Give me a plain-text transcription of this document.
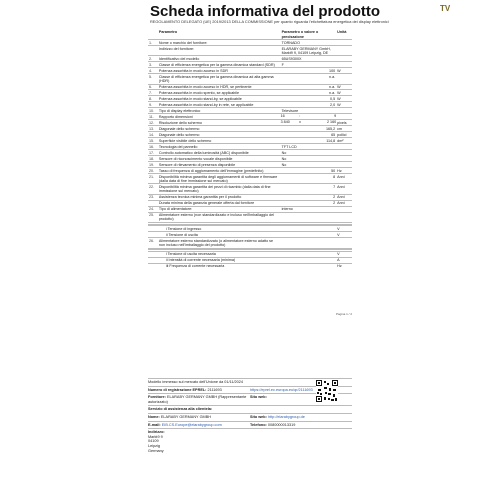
Scheda informativa del prodotto
REGOLAMENTO DELEGATO (UE) 2019/2013 DELLA COMMISSIONE per quanto riguarda l'etichettatura energetica dei display elettronici
TV
	Parametro	Parametro o valore o precisazione	Unità
1.	Nome o marchio del fornitore:	TORNADO	
	Indirizzo del fornitore:	ELARABY GERMANY GmbH, Markt9 9, 04109 Leipzig, DE	
2.	Identificativo del modello	65US9300X	
3.	Classe di efficienza energetica per la gamma dinamica standard (SDR)	F	
4.	Potenza assorbita in modo acceso in SDR	100	W
5.	Classe di efficienza energetica per la gamma dinamica ad alta gamma (HDR)	n.a.	
6.	Potenza assorbita in modo acceso in HDR, se pertinente	n.a.	W
7.	Potenza assorbita in modo spento, se applicabile	n.a.	W
8.	Potenza assorbita in modo stand-by, se applicabile	0,5	W
9.	Potenza assorbita in modo stand-by in rete, se applicabile	2,0	W
10.	Tipo di display elettronico	Televisore	
11.	Rapporto dimensioni	16 : 9	

12.	Risoluzione dello schermo	3 840 x 2 160	pixels
13.	Diagonale dello schermo	165,2	cm
14.	Diagonale dello schermo	65	pollici
15.	Superficie visibile dello schermo	114,8	dm²
16.	Tecnologia del pannello	TFT LCD	
17.	Controllo automatico della luminosità (ABC) disponibile	No	
18.	Sensore di riconoscimento vocale disponibile	No	
19.	Sensore di rilevamento di presenza disponibile	No	
20.	Tasso di frequenza di aggiornamento dell'immagine (predefinito)	50	Hz
21.	Disponibilità minima garantita degli aggiornamenti di software e firmware (dalla data di fine immissione sul mercato)	8	Anni
22.	Disponibilità minima garantita dei pezzi di ricambio (dalla data di fine immissione sul mercato)	7	Anni
23.	Assistenza tecnica minima garantita per il prodotto	2	Anni
	Durata minima della garanzia generale offerta dal fornitore	2	Anni
24.	Tipo di alimentatore:	interno	
25.	Alimentatore esterno (non standardizzato e incluso nell'imballaggio del prodotto)		

	i Tensione di ingresso		V
	ii Tensione di uscita		V
26.	Alimentatore esterno standardizzato (o alimentatore esterno adatto se non incluso nell'imballaggio del prodotto)		

	i Tensione di uscita necessaria		V
	ii Intensità di corrente necessaria (minima)		A
	iii Frequenza di corrente necessaria		Hz
Pagina 1 / 2
Modello immesso sul mercato dell'Unione da 01/11/2024
Numero di registrazione EPREL: 2111693	https://eprel.ec.europa.eu/qr/2111693
Fornitore: ELARABY GERMANY GMBH (Rappresentante autorizzato)
Sito web:
Servizio di assistenza alla clientela:
Nome: ELARABY GERMANY GMBH	Sito web: http://elarabygroup.de
E-mail: EIB.CS.Europe@elarabygroup.com	Telefono: 0080000013319
Indirizzo:
Markt9 9
04109
Leipzig
Germany
